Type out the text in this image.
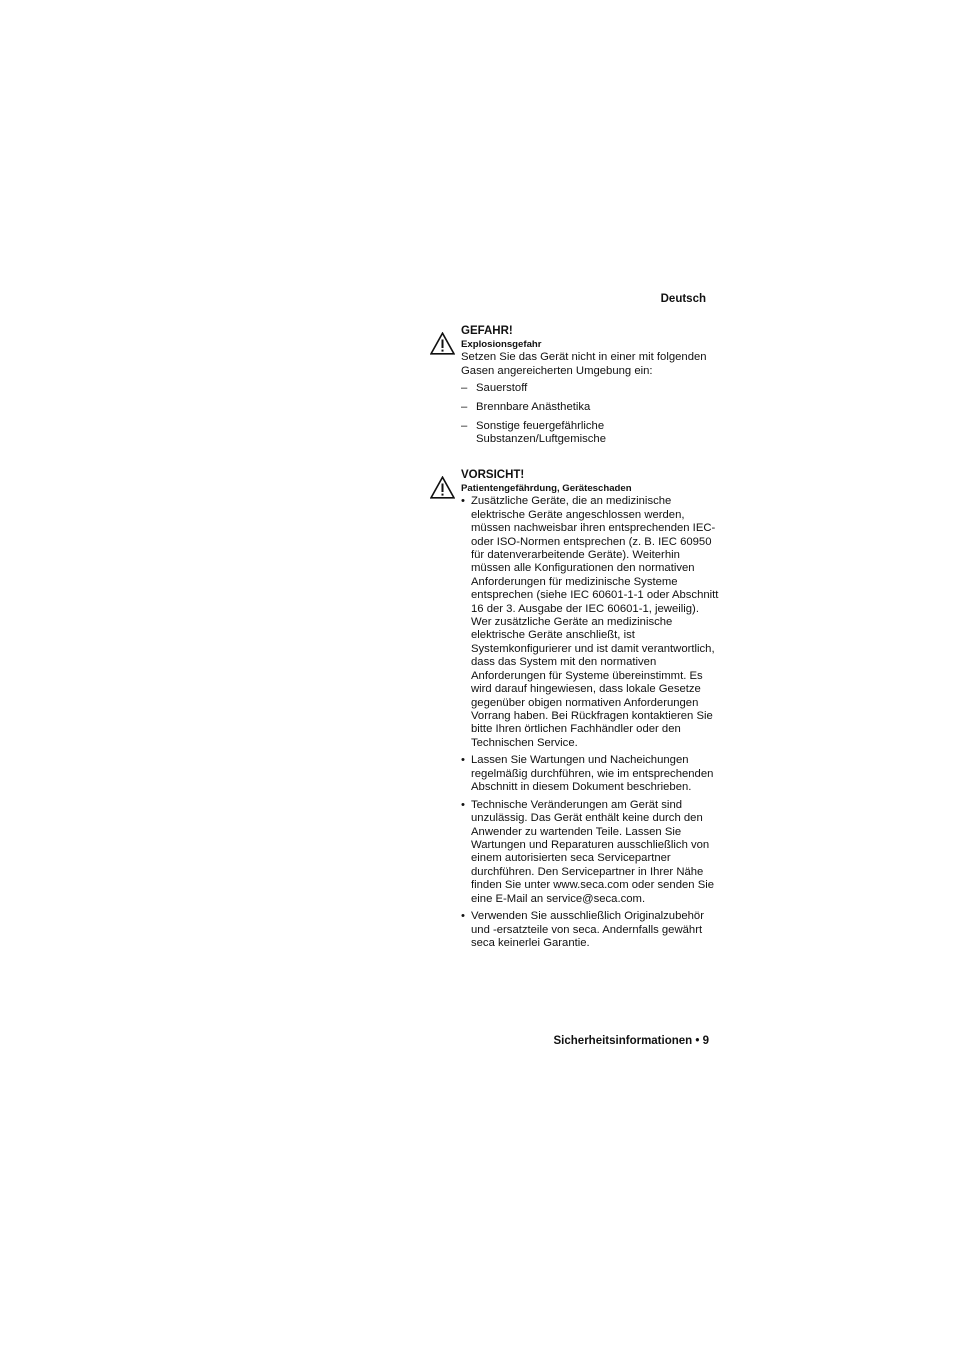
Deutsch
GEFAHR!
Explosionsgefahr

Setzen Sie das Gerät nicht in einer mit folgenden Gasen angereicherten Umgebung ein:

– Sauerstoff
– Brennbare Anästhetika
– Sonstige feuergefährliche Substanzen/Luftgemische
VORSICHT!
Patientengefährdung, Geräteschaden
• Zusätzliche Geräte, die an medizinische elektrische Geräte angeschlossen werden, müssen nachweisbar ihren entsprechenden IEC- oder ISO-Normen entsprechen (z. B. IEC 60950 für datenverarbeitende Geräte). Weiterhin müssen alle Konfigurationen den normativen Anforderungen für medizinische Systeme entsprechen (siehe IEC 60601-1-1 oder Abschnitt 16 der 3. Ausgabe der IEC 60601-1, jeweilig). Wer zusätzliche Geräte an medizinische elektrische Geräte anschließt, ist Systemkonfigurierer und ist damit verantwortlich, dass das System mit den normativen Anforderungen für Systeme übereinstimmt. Es wird darauf hingewiesen, dass lokale Gesetze gegenüber obigen normativen Anforderungen Vorrang haben. Bei Rückfragen kontaktieren Sie bitte Ihren örtlichen Fachhändler oder den Technischen Service.
• Lassen Sie Wartungen und Nacheichungen regelmäßig durchführen, wie im entsprechenden Abschnitt in diesem Dokument beschrieben.
• Technische Veränderungen am Gerät sind unzulässig. Das Gerät enthält keine durch den Anwender zu wartenden Teile. Lassen Sie Wartungen und Reparaturen ausschließlich von einem autorisierten seca Servicepartner durchführen. Den Servicepartner in Ihrer Nähe finden Sie unter www.seca.com oder senden Sie eine E-Mail an service@seca.com.
• Verwenden Sie ausschließlich Originalzubehör und -ersatzteile von seca. Andernfalls gewährt seca keinerlei Garantie.
Sicherheitsinformationen • 9
